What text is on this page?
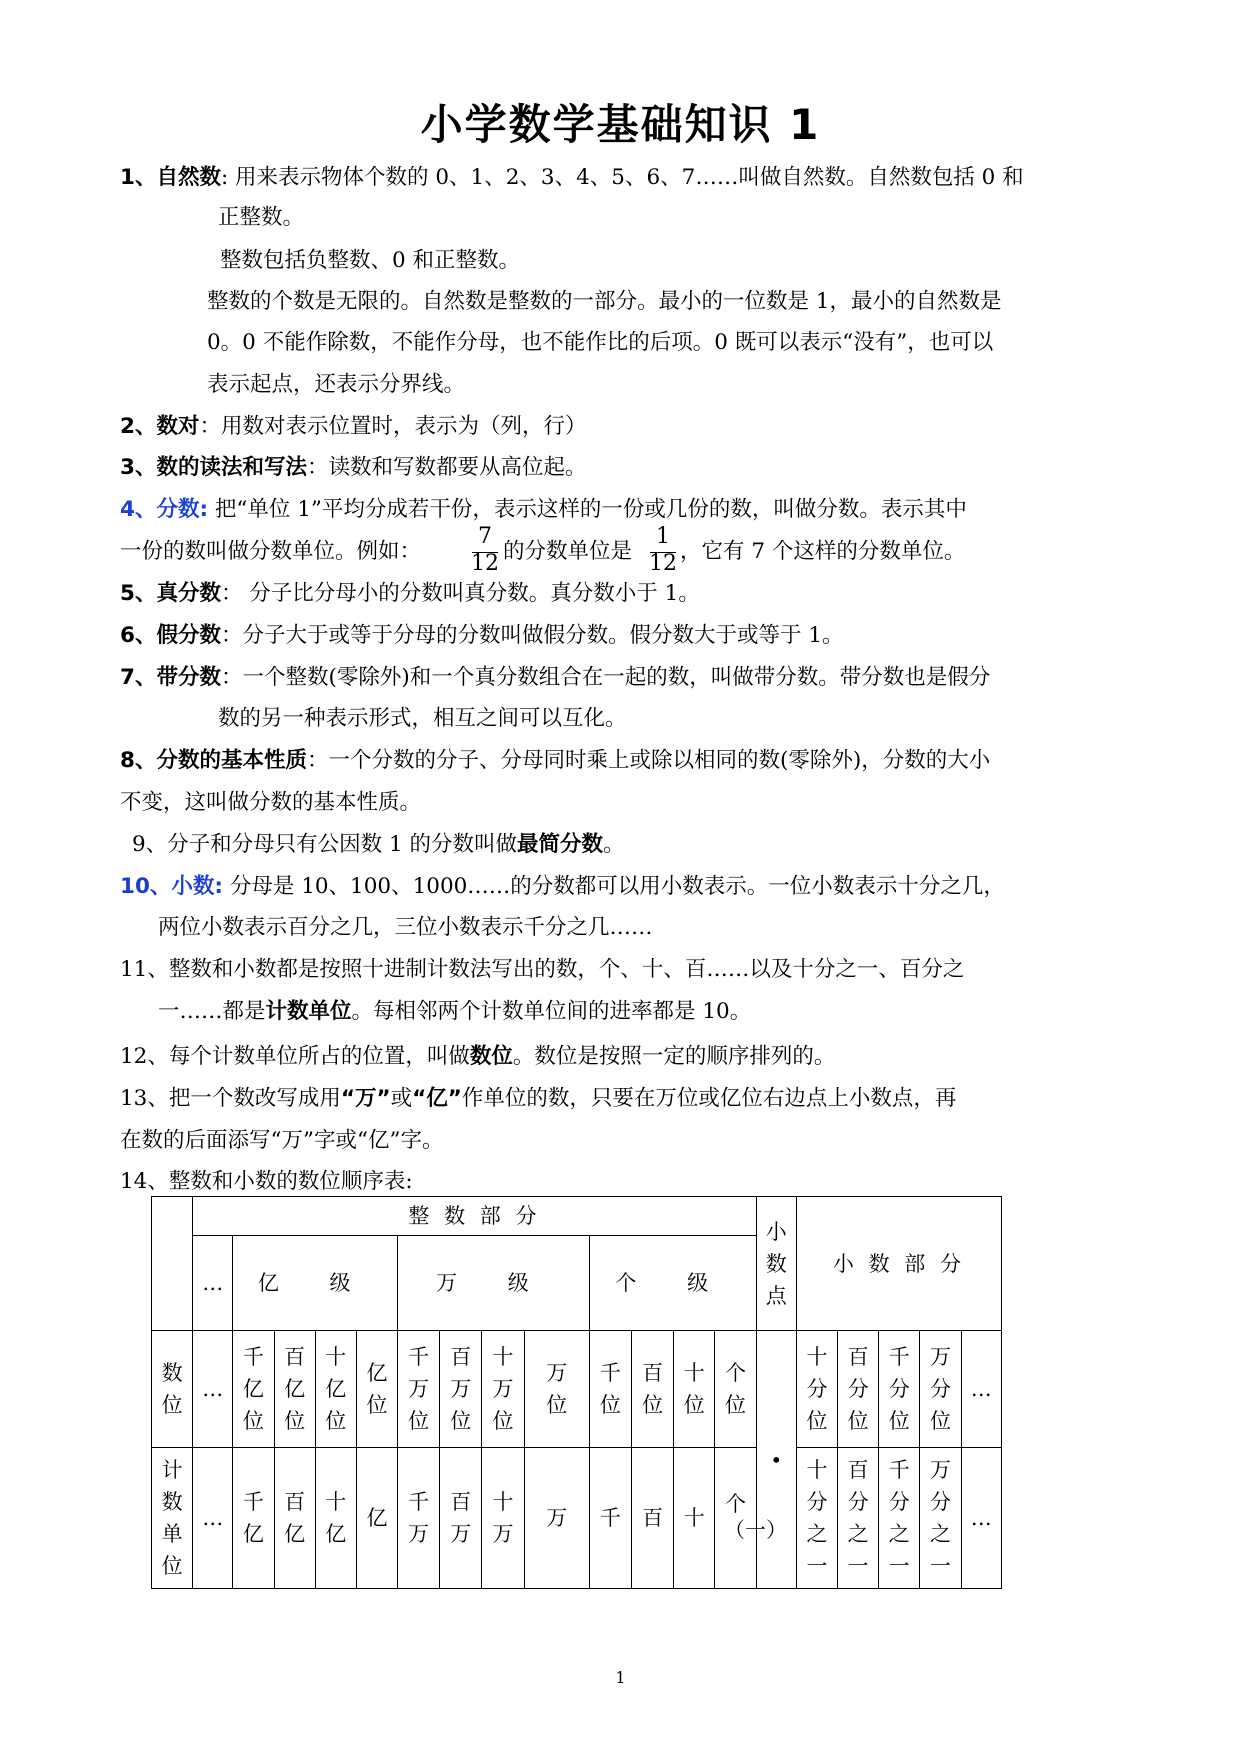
小学数学基础知识 1
1、自然数: 用来表示物体个数的 0、1、2、3、4、5、6、7……叫做自然数。自然数包括 0 和
正整数。
整数包括负整数、0 和正整数。
整数的个数是无限的。自然数是整数的一部分。最小的一位数是 1，最小的自然数是
0。0 不能作除数，不能作分母，也不能作比的后项。0 既可以表示“没有”，也可以
表示起点，还表示分界线。
2、数对：用数对表示位置时，表示为（列，行）
3、数的读法和写法：读数和写数都要从高位起。
4、分数: 把“单位 1”平均分成若干份，表示这样的一份或几份的数，叫做分数。表示其中
一份的数叫做分数单位。例如：
7
12 的分数单位是
1
12 ，它有 7 个这样的分数单位。
5、真分数： 分子比分母小的分数叫真分数。真分数小于 1。
6、假分数：分子大于或等于分母的分数叫做假分数。假分数大于或等于 1。
7、带分数：一个整数(零除外)和一个真分数组合在一起的数，叫做带分数。带分数也是假分
数的另一种表示形式，相互之间可以互化。
8、分数的基本性质：一个分数的分子、分母同时乘上或除以相同的数(零除外)，分数的大小
不变，这叫做分数的基本性质。
9、分子和分母只有公因数 1 的分数叫做最简分数。
10、小数: 分母是 10、100、1000……的分数都可以用小数表示。一位小数表示十分之几，
两位小数表示百分之几，三位小数表示千分之几……
11、整数和小数都是按照十进制计数法写出的数，个、十、百……以及十分之一、百分之
一……都是计数单位。每相邻两个计数单位间的进率都是 10。
12、每个计数单位所占的位置，叫做数位。数位是按照一定的顺序排列的。
13、把一个数改写成用“万”或“亿”作单位的数，只要在万位或亿位右边点上小数点，再
在数的后面添写“万”字或“亿”字。
14、整数和小数的数位顺序表:
	整 数 部 分													小数点	小 数 部 分				
	…	亿 级				万 级				个 级									
数位	…	千亿位	百亿位	十亿位	亿位	千万位	百万位	十万位	万位	千位	百位	十位	个位	•	十分位	百分位	千分位	万分位	…
计数单位	…	千亿	百亿	十亿	亿	千万	百万	十万	万	千	百	十	个（一）		十分之一	百分之一	千分之一	万分之一	…
1
